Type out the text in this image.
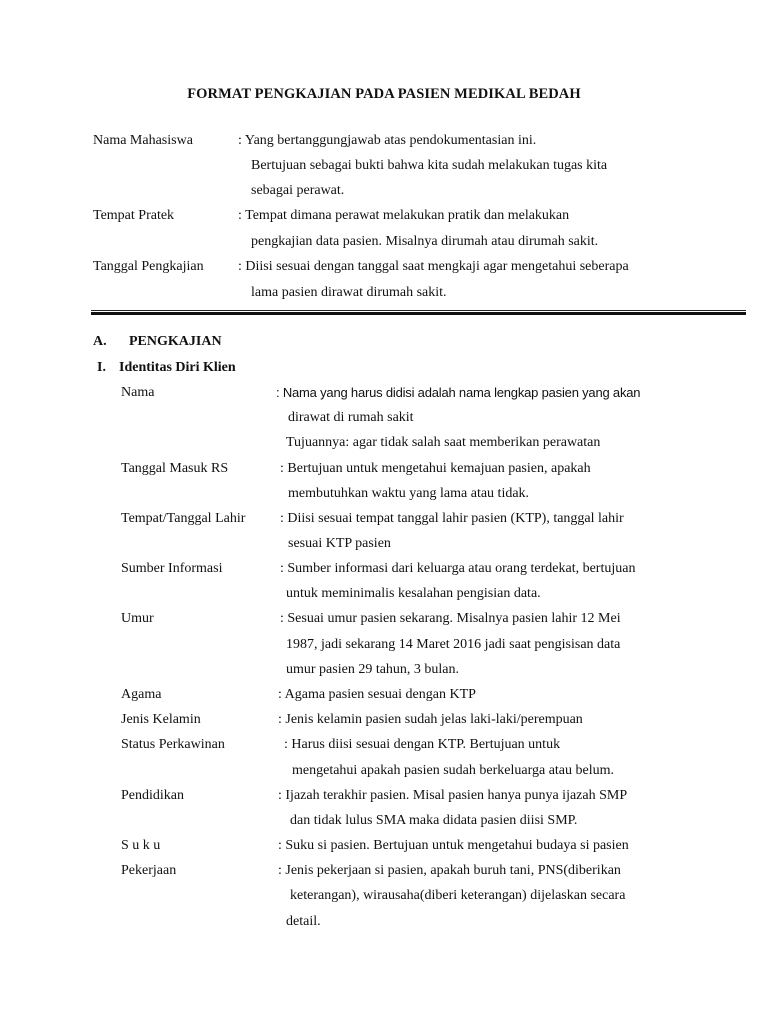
FORMAT PENGKAJIAN PADA PASIEN MEDIKAL BEDAH
Nama Mahasiswa	: Yang bertanggungjawab atas pendokumentasian ini.
Bertujuan sebagai bukti bahwa kita sudah melakukan tugas kita
sebagai perawat.
Tempat Pratek	: Tempat dimana perawat melakukan pratik dan melakukan
pengkajian data pasien. Misalnya dirumah atau dirumah sakit.
Tanggal Pengkajian : Diisi sesuai dengan tanggal saat mengkaji agar mengetahui seberapa
lama pasien dirawat dirumah sakit.
A. PENGKAJIAN
I. Identitas Diri Klien
Nama	: Nama yang harus didisi adalah nama lengkap pasien yang akan
dirawat di rumah sakit
Tujuannya: agar tidak salah saat memberikan perawatan
Tanggal Masuk RS	: Bertujuan untuk mengetahui kemajuan pasien, apakah
membutuhkan waktu yang lama atau tidak.
Tempat/Tanggal Lahir : Diisi sesuai tempat tanggal lahir pasien (KTP), tanggal lahir
sesuai KTP pasien
Sumber Informasi	: Sumber informasi dari keluarga atau orang terdekat, bertujuan
untuk meminimalis kesalahan pengisian data.
Umur	: Sesuai umur pasien sekarang. Misalnya pasien lahir 12 Mei
1987, jadi sekarang 14 Maret 2016 jadi saat pengisisan data
umur pasien 29 tahun, 3 bulan.
Agama	: Agama pasien sesuai dengan KTP
Jenis Kelamin	: Jenis kelamin pasien sudah jelas laki-laki/perempuan
Status Perkawinan	: Harus diisi sesuai dengan KTP. Bertujuan untuk
mengetahui apakah pasien sudah berkeluarga atau belum.
Pendidikan	: Ijazah terakhir pasien. Misal pasien hanya punya ijazah SMP
dan tidak lulus SMA maka didata pasien diisi SMP.
S u k u	: Suku si pasien. Bertujuan untuk mengetahui budaya si pasien
Pekerjaan	: Jenis pekerjaan si pasien, apakah buruh tani, PNS(diberikan
keterangan), wirausaha(diberi keterangan) dijelaskan secara
detail.
